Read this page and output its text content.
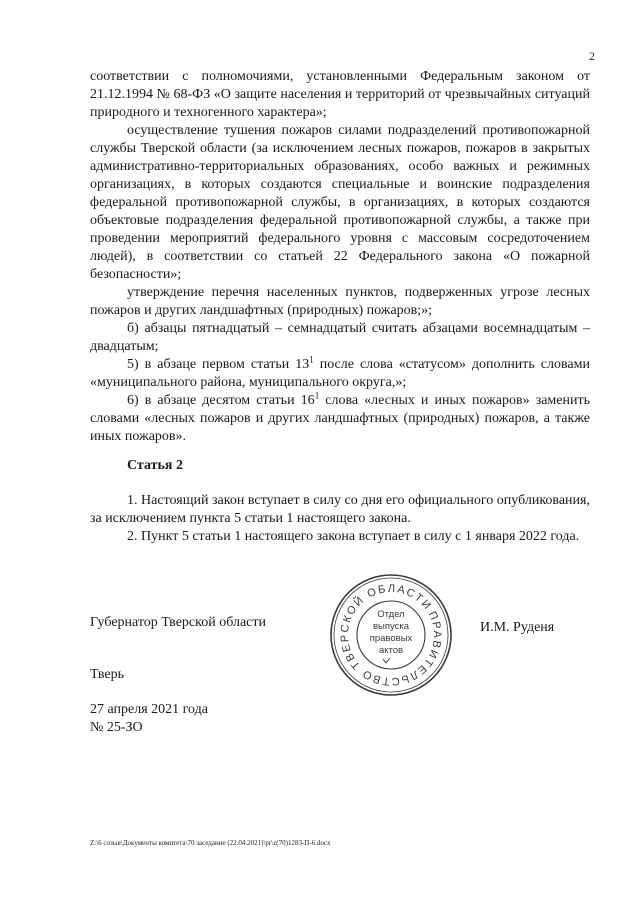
2

соответствии с полномочиями, установленными Федеральным законом от 21.12.1994 № 68-ФЗ «О защите населения и территорий от чрезвычайных ситуаций природного и техногенного характера»;

осуществление тушения пожаров силами подразделений противопожарной службы Тверской области (за исключением лесных пожаров, пожаров в закрытых административно-территориальных образованиях, особо важных и режимных организациях, в которых создаются специальные и воинские подразделения федеральной противопожарной службы, в организациях, в которых создаются объектовые подразделения федеральной противопожарной службы, а также при проведении мероприятий федерального уровня с массовым сосредоточением людей), в соответствии со статьей 22 Федерального закона «О пожарной безопасности»;

утверждение перечня населенных пунктов, подверженных угрозе лесных пожаров и других ландшафтных (природных) пожаров;»;

б) абзацы пятнадцатый – семнадцатый считать абзацами восемнадцатым – двадцатым;

5) в абзаце первом статьи $13^1$ после слова «статусом» дополнить словами «муниципального района, муниципального округа,»;

6) в абзаце десятом статьи $16^1$ слова «лесных и иных пожаров» заменить словами «лесных пожаров и других ландшафтных (природных) пожаров, а также иных пожаров».

Статья 2

1. Настоящий закон вступает в силу со дня его официального опубликования, за исключением пункта 5 статьи 1 настоящего закона.

2. Пункт 5 статьи 1 настоящего закона вступает в силу с 1 января 2022 года.

Губернатор Тверской области	ПРАВИТЕЛЬСТВО ТВЕРСКОЙ ОБЛАСТИ
Отдел
выпуска
правовых
актов
И.М. Руденя
Тверь
27 апреля 2021 года
№ 25-ЗО
Z:\6 созыв\Документы комитета\70 заседание (22.04.2021)\pr\z(70)1283-П-6.docx
